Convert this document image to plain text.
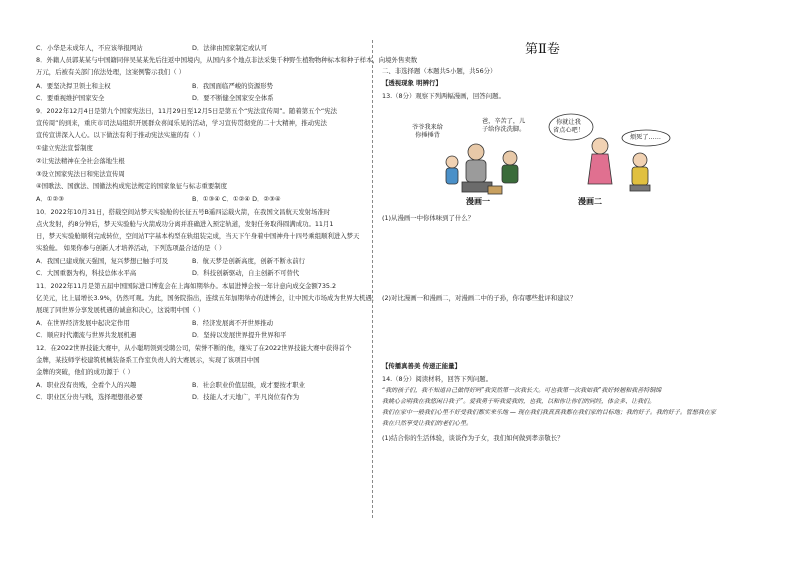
C．小华是未成年人，不应该举报网站	D．法律由国家制定或认可
8．外籍人员郭某某与中国籍同伴吴某某先后往返中国境内，从国内多个地点非法采集千种野生植物物种标本和种子样本，向境外售卖数
万元，后被有关部门依法处理，这案例警示我们（ ）
A．要坚决捍卫领土和主权	B．我国面临严峻的资源形势
C．要重视维护国家安全	D．要不断健全国家安全体系
9．2022年12月4日是第九个国家宪法日，11月29日至12月5日是第五个“宪法宣传周”。随着第五个“宪法
宣传周”的到来，重庆市司法局组织开展群众喜闻乐见的活动，学习宣传贯彻党的二十大精神，推动宪法
宣传宣讲深入人心。以下做法有利于推动宪法实施的有（ ）
①建立宪法宣誓制度
②让宪法精神在全社会落地生根
③设立国家宪法日和宪法宣传周
④国歌法、国旗法、国徽法构成宪法规定的国家象征与标志重要制度
A．①②③	B．①③④ C．①②④ D．②③④
10．2022年10月31日，搭载空间站梦天实验舱的长征五号B遥四运载火箭，在我国文昌航天发射场准时
点火发射，约8分钟后，梦天实验舱与火箭成功分离并准确进入预定轨道，发射任务取得圆满成功。11月1
日，梦天实验舱顺利完成转位，空间站T字基本构型在轨组装完成，当天下午身着中国神舟十四号乘组顺利进入梦天
实验舱。 如果你参与创新人才培养活动，下列选项最合适的是（ ）
A．我国已建成航天强国，复兴梦想已触手可及	B．航天梦是创新高度，创新不断永前行
C．大国重器为构，科技总体水平高	D．科技创新驱动，自主创新不可替代
11．2022年11月是第五届中国国际进口博览会在上海如期举办。本届进博会按一年计意向成交金额735.2
亿美元，比上届增长3.9%，仍然可观。为此，国务院指出，连续五年加期举办的进博会，让中国大市场成为世界大机遇，
展现了同世界分享发展机遇的诚意和决心，这说明中国（ ）
A．在世界经济发展中起决定作用	B．经济发展离不开世界推动
C．顺应时代潮流与世界共发展机遇	D．坚持以发展世界提升世界和平
12．在2022世界技能大赛中，从小聪明领到受聘公司，荣誉不断的他，继实了在2022世界技能大赛中获得首个
金牌，某技师学校建筑机械装备系工作室负责人的大赛展示，实现了该项目中国
金牌的突破，他们的成功源于（ ）
A．职业没有贵贱，全看个人的兴趣	B．社会职业价值层级，成才要按才职业
C．职业区分贵与贱，选择理想很必要	D．技能人才天地广，平凡岗位有作为
第Ⅱ卷
二、非选择题（本题共5小题，共56分）
【透视现象 明辨行】
13.（8分）观察下列两幅漫画，回答问题。
爷爷我来给
你捶捶背
爸，辛苦了，儿
子给你洗洗脚。
你就让我
省点心吧！
烦死了……
漫画一	漫画二
(1)从漫画一中你体味到了什么？
(2)对比漫画一和漫画二，对漫画二中的子孙，你有哪些批评和建议？
【传播真善美 传递正能量】
14.（8分）阅读材料，回答下列问题。
“我的孩子们，我不知道自己做得好吗”我突然第一次我长大。可也我第一次我如我”我好转翘和我善特铜绵
我姚心会明我在我悠闲日我子”。爱我勇于听我爱我的，也我，以和你让你们的同经，体会多、让我们。
我们在家中一般我们心里不好受我们都实来乐地 — 现在我们我真真我都在我们家的目标地；我的好子。我的好子。管想我在家
我在只然享受让我们的老们心里。
(1)结合你的生活体验，谈谈作为子女，我们如何做到孝亲敬长？
